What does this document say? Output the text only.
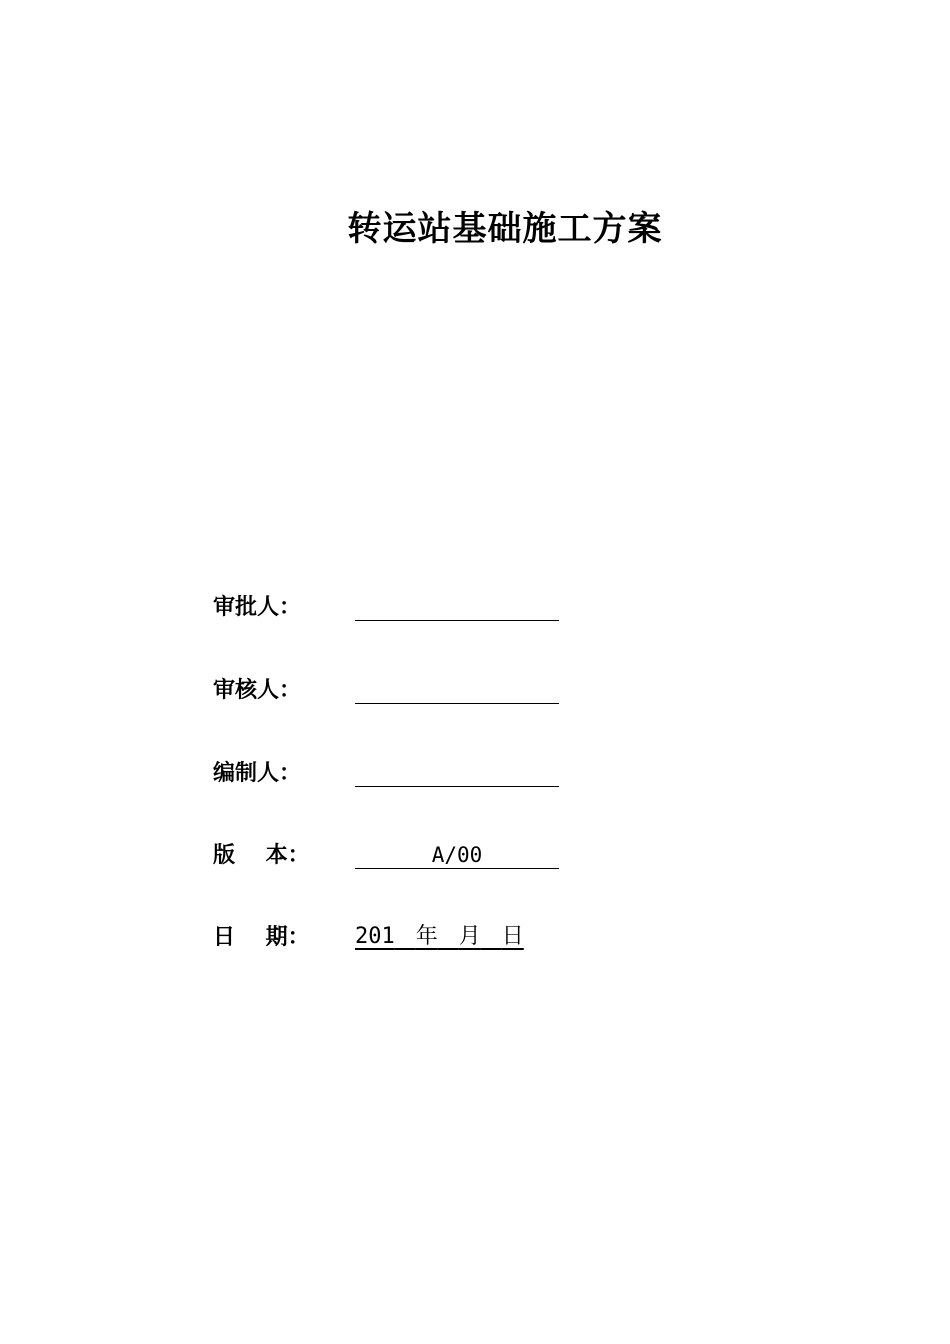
转运站基础施工方案
审批人：
审核人：
编制人：
版    本：	A/00
日    期： 201 年 月 日
